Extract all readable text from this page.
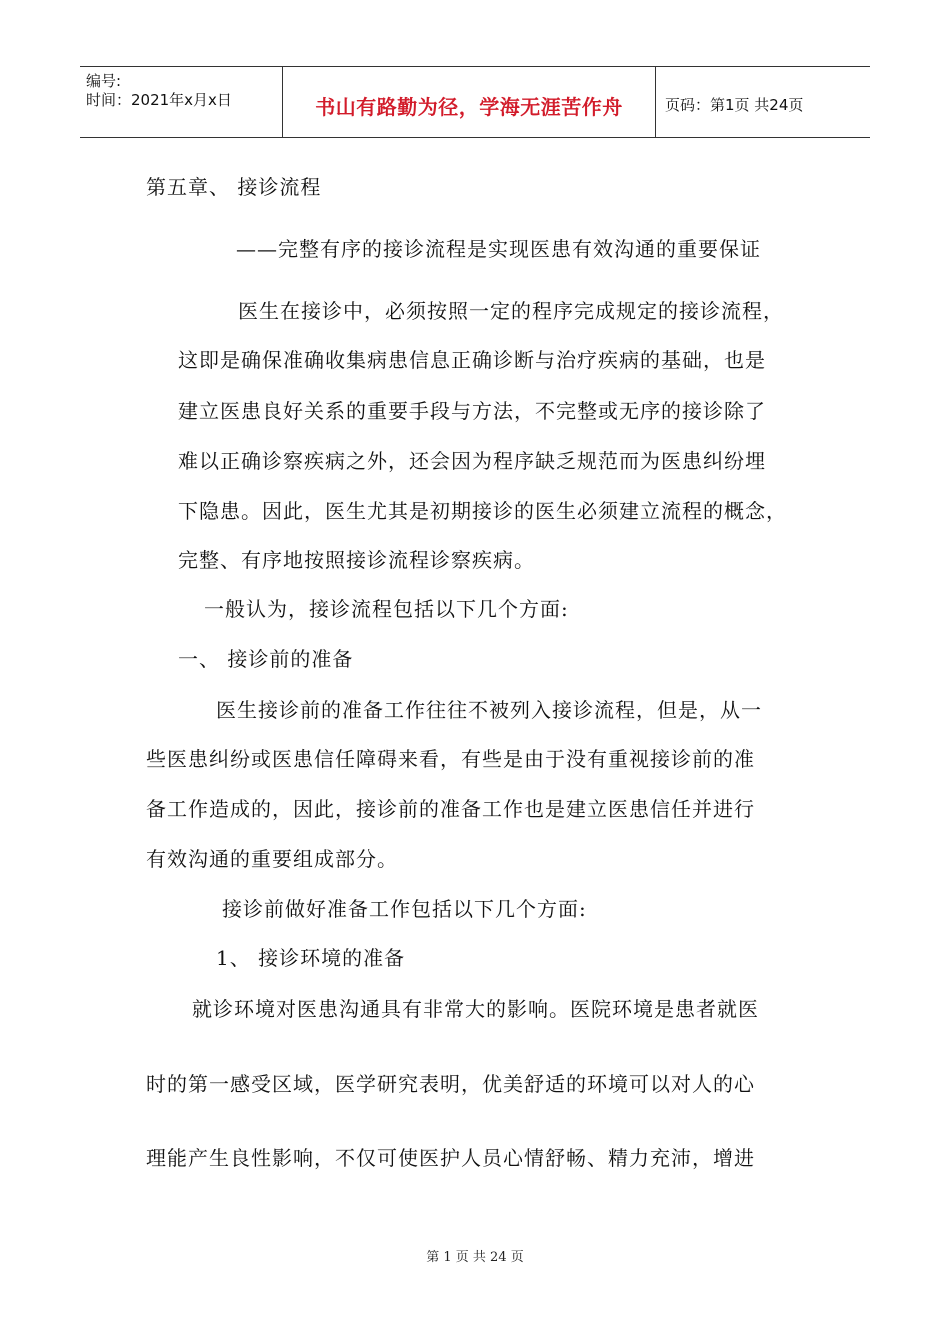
编号:
时间：2021年x月x日	书山有路勤为径，学海无涯苦作舟	页码：第1页 共24页
第五章、 接诊流程
——完整有序的接诊流程是实现医患有效沟通的重要保证
医生在接诊中，必须按照一定的程序完成规定的接诊流程，
这即是确保准确收集病患信息正确诊断与治疗疾病的基础，也是
建立医患良好关系的重要手段与方法，不完整或无序的接诊除了
难以正确诊察疾病之外，还会因为程序缺乏规范而为医患纠纷埋
下隐患。因此，医生尤其是初期接诊的医生必须建立流程的概念，
完整、有序地按照接诊流程诊察疾病。
一般认为，接诊流程包括以下几个方面:
一、 接诊前的准备
医生接诊前的准备工作往往不被列入接诊流程，但是，从一
些医患纠纷或医患信任障碍来看，有些是由于没有重视接诊前的准
备工作造成的，因此，接诊前的准备工作也是建立医患信任并进行
有效沟通的重要组成部分。
接诊前做好准备工作包括以下几个方面:
1、 接诊环境的准备
就诊环境对医患沟通具有非常大的影响。医院环境是患者就医
时的第一感受区域，医学研究表明，优美舒适的环境可以对人的心
理能产生良性影响，不仅可使医护人员心情舒畅、精力充沛，增进
第 1 页 共 24 页
